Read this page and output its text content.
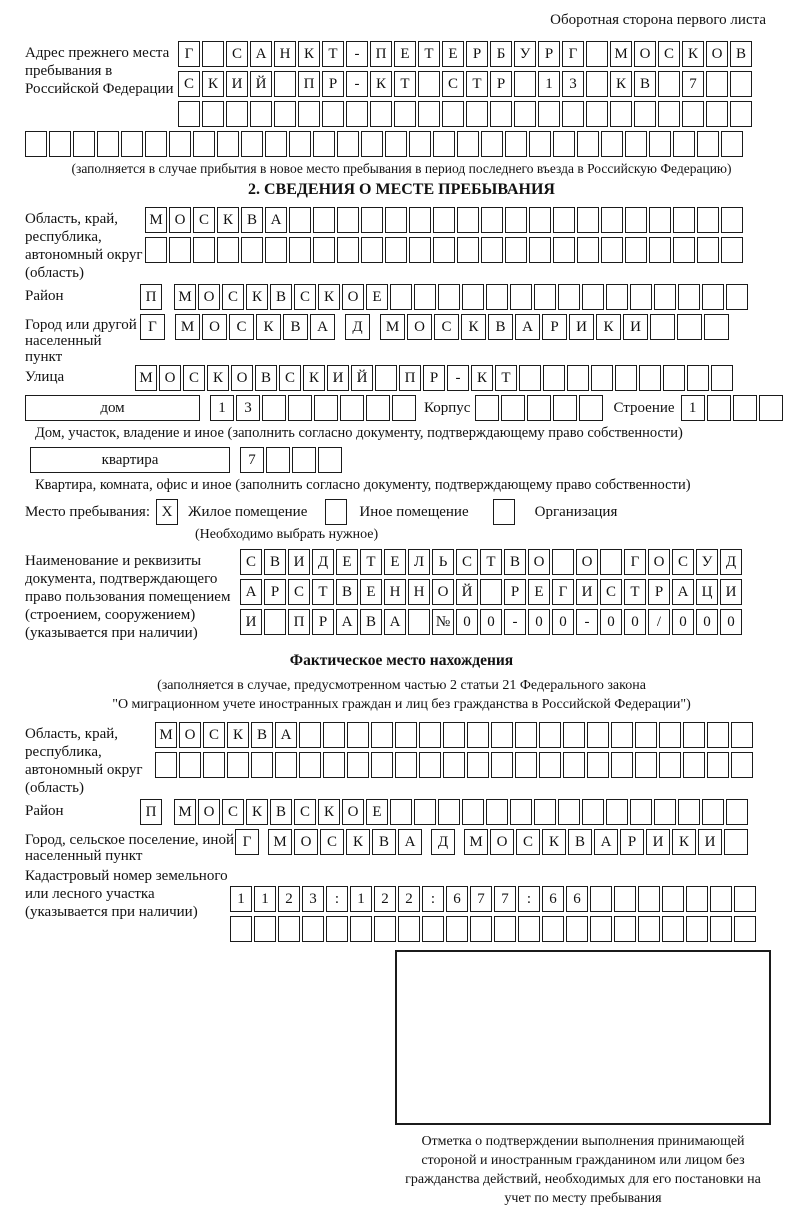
Оборотная сторона первого листа
Адрес прежнего места пребывания в Российской Федерации
Г	С А Н К Т	-	П Е Т Е	Р	Б У Р	Г	М О С К О В
С К И Й	П Р	-	К Т	С Т	Р	1	3	К В	7
(заполняется в случае прибытия в новое место пребывания в период последнего въезда в Российскую Федерацию)
2. СВЕДЕНИЯ О МЕСТЕ ПРЕБЫВАНИЯ
Область, край, республика, автономный округ (область)
М О С К В А
Район	П	М О С К В С К О Е
Город или другой населенный пункт
Г	М О	С	К	В	А	Д	М О	С	К	В	А	Р	И	К	И
Улица	М О С К О В С К И Й	П Р	-	К Т
дом	1	3	Корпус	Строение 1
Дом, участок, владение и иное (заполнить согласно документу, подтверждающему право собственности)
квартира	7
Квартира, комната, офис и иное (заполнить согласно документу, подтверждающему право собственности)
Место пребывания: X	Жилое помещение	Иное помещение	Организация
(Необходимо выбрать нужное)
Наименование и реквизиты документа, подтверждающего право пользования помещением (строением, сооружением) (указывается при наличии)
С В И Д Е Т Е Л Ь С Т В О	О	Г О С У Д
А Р С Т В Е Н Н О Й	Р	Е	Г И С Т	Р А Ц И
И	П Р А В А	№ 0	0	-	0	0	-	0	0	/	0	0	0
Фактическое место нахождения
(заполняется в случае, предусмотренном частью 2 статьи 21 Федерального закона
"О миграционном учете иностранных граждан и лиц без гражданства в Российской Федерации")
Область, край, республика, автономный округ (область)
М О С К В А
Район	П	М О С К В С К О Е
Город, сельское поселение, иной населенный пункт
Г	М О	С	К	В	А	Д	М О	С	К	В	А	Р	И	К	И
Кадастровый номер земельного или лесного участка (указывается при наличии)
1	1	2	3	:	1	2	2	:	6	7	7	:	6	6
Отметка о подтверждении выполнения принимающей стороной и иностранным гражданином или лицом без гражданства действий, необходимых для его постановки на учет по месту пребывания
